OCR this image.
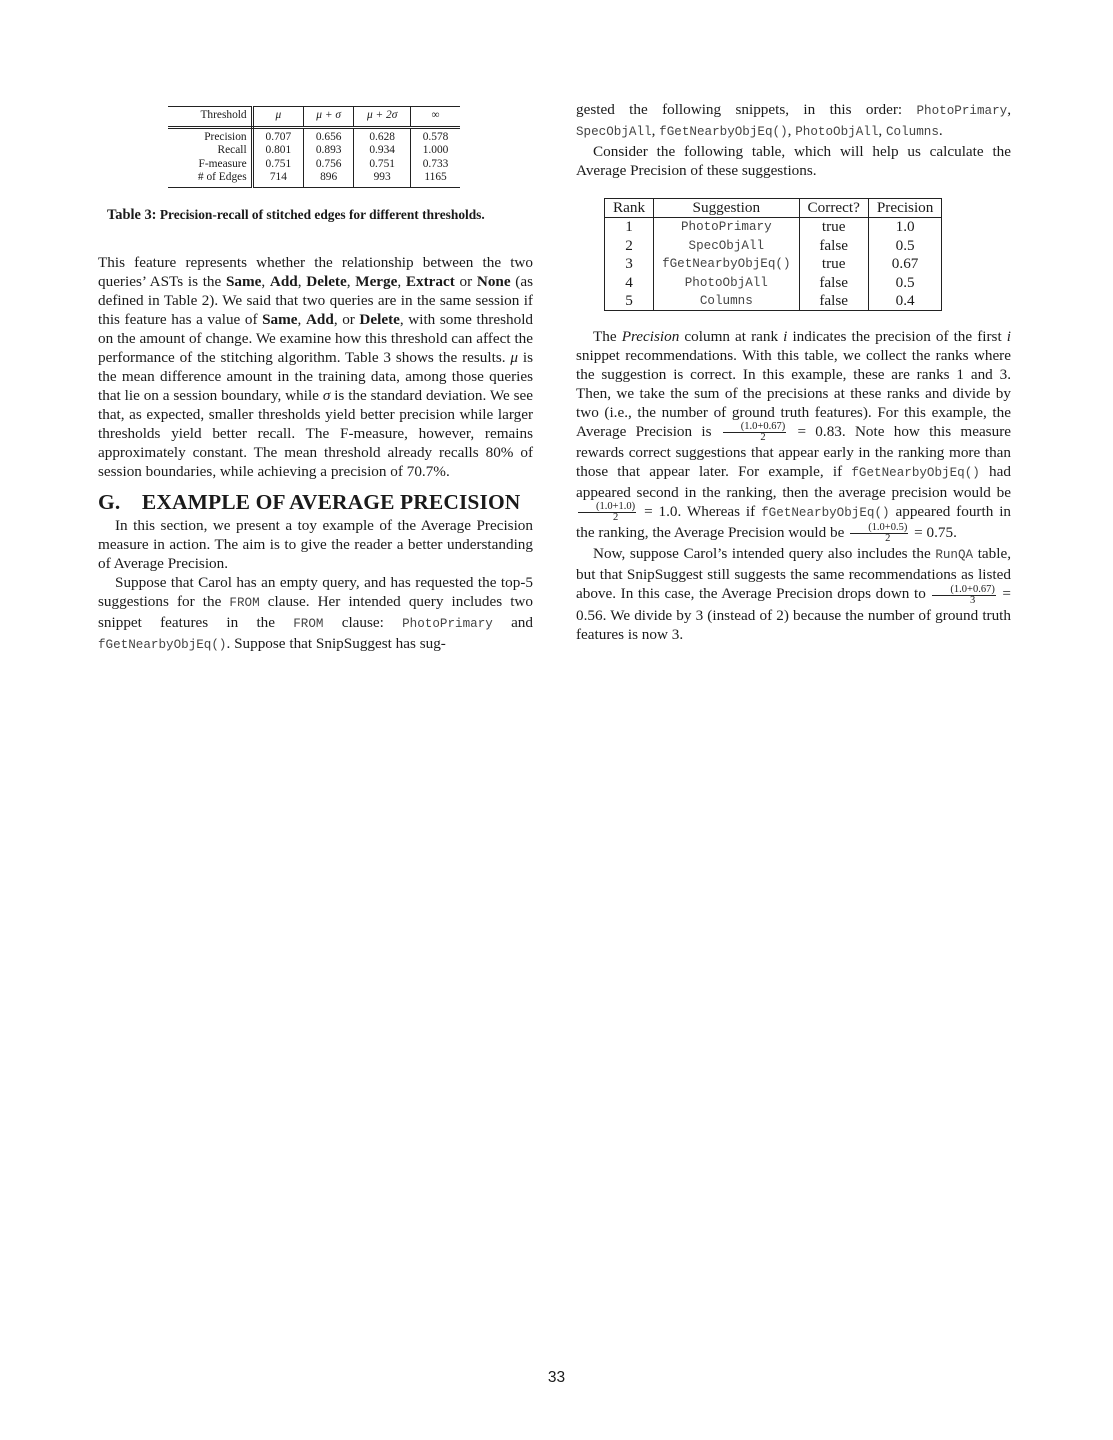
Threshold	μ	μ + σ	μ + 2σ	∞
Precision	0.707	0.656	0.628	0.578
Recall	0.801	0.893	0.934	1.000
F-measure	0.751	0.756	0.751	0.733
# of Edges	714	896	993	1165
Table 3: Precision-recall of stitched edges for different thresholds.

This feature represents whether the relationship between the two queries’ ASTs is the Same, Add, Delete, Merge, Extract or None (as defined in Table 2). We said that two queries are in the same session if this feature has a value of Same, Add, or Delete, with some threshold on the amount of change. We examine how this threshold can affect the performance of the stitching algorithm. Table 3 shows the results. μ is the mean difference amount in the training data, among those queries that lie on a session boundary, while σ is the standard deviation. We see that, as expected, smaller thresholds yield better precision while larger thresholds yield better recall. The F-measure, however, remains approximately constant. The mean threshold already recalls 80% of session boundaries, while achieving a precision of 70.7%.

G. EXAMPLE OF AVERAGE PRECISION

In this section, we present a toy example of the Average Precision measure in action. The aim is to give the reader a better understanding of Average Precision.

Suppose that Carol has an empty query, and has requested the top-5 suggestions for the FROM clause. Her intended query includes two snippet features in the FROM clause: PhotoPrimary and fGetNearbyObjEq(). Suppose that SnipSuggest has sug-

gested the following snippets, in this order: PhotoPrimary, SpecObjAll, fGetNearbyObjEq(), PhotoObjAll, Columns.

Consider the following table, which will help us calculate the Average Precision of these suggestions.

Rank	Suggestion	Correct?	Precision
1	PhotoPrimary	true	1.0
2	SpecObjAll	false	0.5
3	fGetNearbyObjEq()	true	0.67
4	PhotoObjAll	false	0.5
5	Columns	false	0.4

The Precision column at rank i indicates the precision of the first i snippet recommendations. With this table, we collect the ranks where the suggestion is correct. In this example, these are ranks 1 and 3. Then, we take the sum of the precisions at these ranks and divide by two (i.e., the number of ground truth features). For this example, the Average Precision is $\frac{(1.0+0.67)}{2} = 0.83$. Note how this measure rewards correct suggestions that appear early in the ranking more than those that appear later. For example, if fGetNearbyObjEq() had appeared second in the ranking, then the average precision would be
$\frac{(1.0+1.0)}{2} = 1.0$. Whereas if fGetNearbyObjEq() appeared fourth in the ranking, the Average Precision would be $\frac{(1.0+0.5)}{2} = 0.75$.

Now, suppose Carol’s intended query also includes the RunQA table, but that SnipSuggest still suggests the same recommendations as listed above. In this case, the Average Precision drops down to $\frac{(1.0+0.67)}{3} = 0.56$. We divide by 3 (instead of 2) because the number of ground truth features is now 3.

33
